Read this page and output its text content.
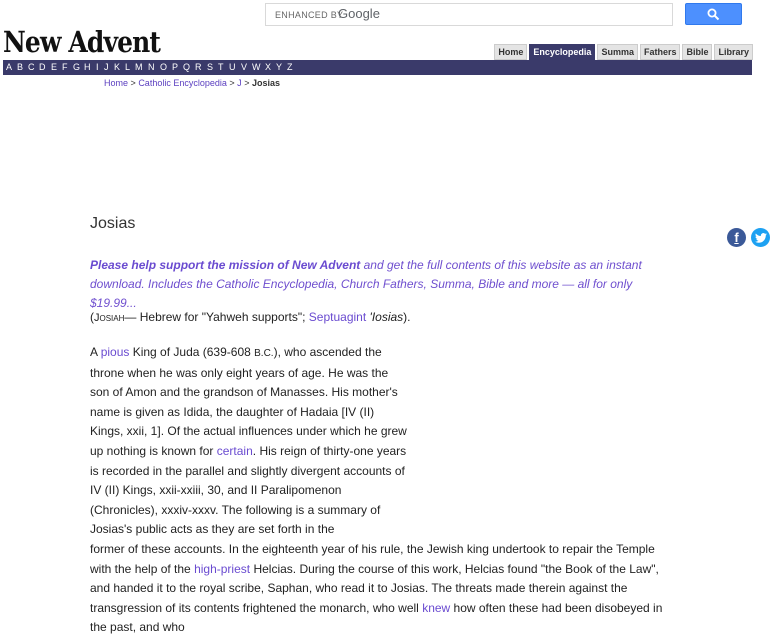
ENHANCED BY
Google
New Advent	Home	Encyclopedia	Summa	Fathers	Bible	Library
A B C D E F G H I J K L M N O P Q R S T U V W X Y Z
Home > Catholic Encyclopedia > J > Josias
Josias
f

Please help support the mission of New Advent and get the full contents of this website as an instant download. Includes the Catholic Encyclopedia, Church Fathers, Summa, Bible and more — all for only $19.99...

(Josiah— Hebrew for "Yahweh supports"; Septuagint 'Iosias).

A pious King of Juda (639-608 B.C.), who ascended the throne when he was only eight years of age. He was the son of Amon and the grandson of Manasses. His mother's name is given as Idida, the daughter of Hadaia [IV (II) Kings, xxii, 1]. Of the actual influences under which he grew up nothing is known for certain. His reign of thirty-one years is recorded in the parallel and slightly divergent accounts of IV (II) Kings, xxii-xxiii, 30, and II Paralipomenon (Chronicles), xxxiv-xxxv. The following is a summary of Josias's public acts as they are set forth in the
former of these accounts. In the eighteenth year of his rule, the Jewish king undertook to repair the Temple with the help of the high-priest Helcias. During the course of this work, Helcias found "the Book of the Law", and handed it to the royal scribe, Saphan, who read it to Josias. The threats made therein against the transgression of its contents frightened the monarch, who well knew how often these had been disobeyed in the past, and who
